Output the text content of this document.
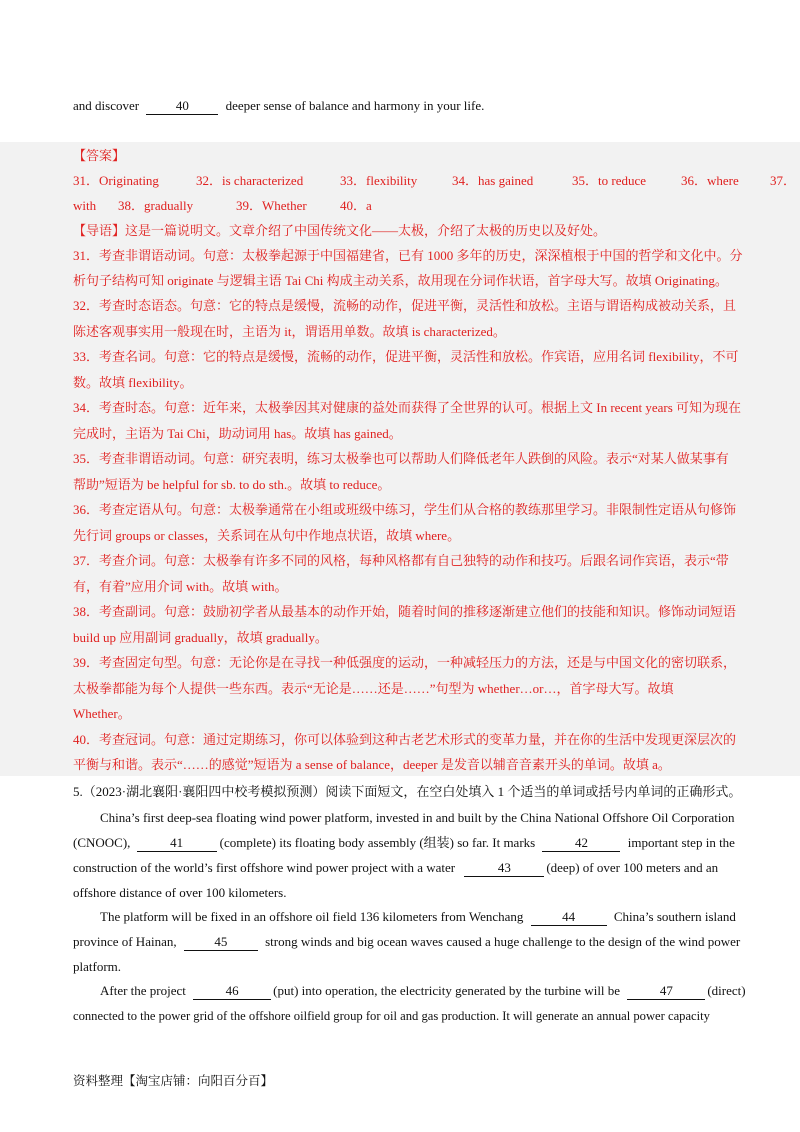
and discover	40	deeper sense of balance and harmony in your life.
【答案】
31．Originating	32．is characterized	33．flexibility	34．has gained	35．to reduce	36．where 37．
with 38．gradually	39．Whether	40．a
【导语】这是一篇说明文。文章介绍了中国传统文化——太极，介绍了太极的历史以及好处。
31．考查非谓语动词。句意：太极拳起源于中国福建省，已有 1000 多年的历史，深深植根于中国的哲学和文化中。分
析句子结构可知 originate 与逻辑主语 Tai Chi 构成主动关系，故用现在分词作状语，首字母大写。故填 Originating。
32．考查时态语态。句意：它的特点是缓慢，流畅的动作，促进平衡，灵活性和放松。主语与谓语构成被动关系，且
陈述客观事实用一般现在时，主语为 it，谓语用单数。故填 is characterized。
33．考查名词。句意：它的特点是缓慢，流畅的动作，促进平衡，灵活性和放松。作宾语，应用名词 flexibility，不可
数。故填 flexibility。
34．考查时态。句意：近年来，太极拳因其对健康的益处而获得了全世界的认可。根据上文 In recent years 可知为现在
完成时，主语为 Tai Chi，助动词用 has。故填 has gained。
35．考查非谓语动词。句意：研究表明，练习太极拳也可以帮助人们降低老年人跌倒的风险。表示“对某人做某事有
帮助”短语为 be helpful for sb. to do sth.。故填 to reduce。
36．考查定语从句。句意：太极拳通常在小组或班级中练习，学生们从合格的教练那里学习。非限制性定语从句修饰
先行词 groups or classes，关系词在从句中作地点状语，故填 where。
37．考查介词。句意：太极拳有许多不同的风格，每种风格都有自己独特的动作和技巧。后跟名词作宾语，表示“带
有，有着”应用介词 with。故填 with。
38．考查副词。句意：鼓励初学者从最基本的动作开始，随着时间的推移逐渐建立他们的技能和知识。修饰动词短语
build up 应用副词 gradually，故填 gradually。
39．考查固定句型。句意：无论你是在寻找一种低强度的运动，一种减轻压力的方法，还是与中国文化的密切联系，
太极拳都能为每个人提供一些东西。表示“无论是……还是……”句型为 whether…or…，首字母大写。故填
Whether。
40．考查冠词。句意：通过定期练习，你可以体验到这种古老艺术形式的变革力量，并在你的生活中发现更深层次的
平衡与和谐。表示“……的感觉”短语为 a sense of balance，deeper 是发音以辅音音素开头的单词。故填 a。
5.（2023·湖北襄阳·襄阳四中校考模拟预测）阅读下面短文，在空白处填入 1 个适当的单词或括号内单词的正确形式。
China’s first deep-sea floating wind power platform, invested in and built by the China National Offshore Oil Corporation
(CNOOC),	41	(complete) its floating body assembly (组装) so far. It marks	42	important step in the
construction of the world’s first offshore wind power project with a water	43	(deep) of over 100 meters and an
offshore distance of over 100 kilometers.
The platform will be fixed in an offshore oil field 136 kilometers from Wenchang	44	China’s southern island
province of Hainan,	45	strong winds and big ocean waves caused a huge challenge to the design of the wind power
platform.
After the project	46	(put) into operation, the electricity generated by the turbine will be	47	(direct)
connected to the power grid of the offshore oilfield group for oil and gas production. It will generate an annual power capacity
资料整理【淘宝店铺：向阳百分百】
